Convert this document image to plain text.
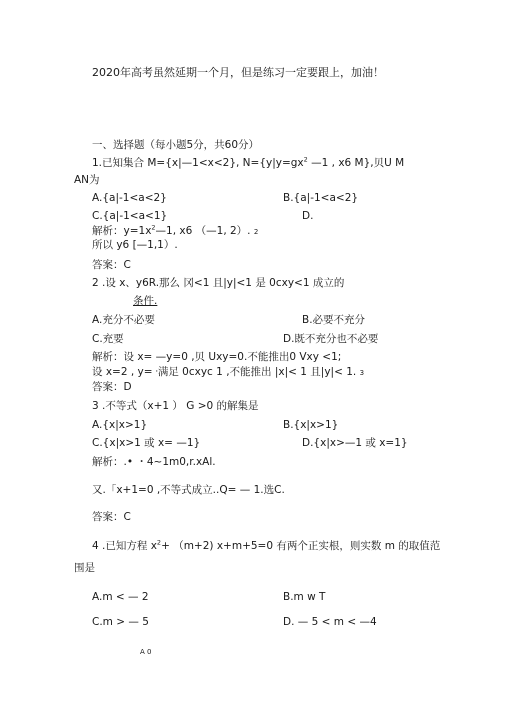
2020年高考虽然延期一个月，但是练习一定要跟上，加油！
一、选择题（每小题5分，共60分）
1.已知集合 M={x|—1<x<2}, $N=\{y|y=gx^2$ —1 , x6 M},贝U M
AN为
A.{a|-1<a<2}	B.{a|-1<a<2}
C.{a|-1<a<1}	D.
解析：$y=1x^2—1$, x6 （—1, 2）. 2
所以 y6 [—1,1）.
答案：C
2 .设 x、y6R.那么 冈<1 且|y|<1 是 0cxy<1 成立的
条件.
A.充分不必要	B.必要不充分
C.充要	D.既不充分也不必要
解析：设 x= —y=0 ,贝 Uxy=0.不能推出0 Vxy <1;
设 x=2 , y= '满足 0cxyc 1 ,不能推出 |x|< 1 且|y|< 1. 3
答案：D
3 .不等式（x+1 ） G >0 的解集是
A.{x|x>1}	B.{x|x>1}
C.{x|x>1 或 x= —1}	D.{x|x>—1 或 x=1}
解析：.• ・4~1m0,r.xAl.
又.「x+1=0 ,不等式成立..Q= — 1.选C.
答案：C
4 .已知方程 $x^2+ (m+2)$ x+m+5=0 有两个正实根，则实数 m 的取值范
围是
A.m < — 2	B.m w T
C.m > — 5	D. — 5 < m < —4
A 0
